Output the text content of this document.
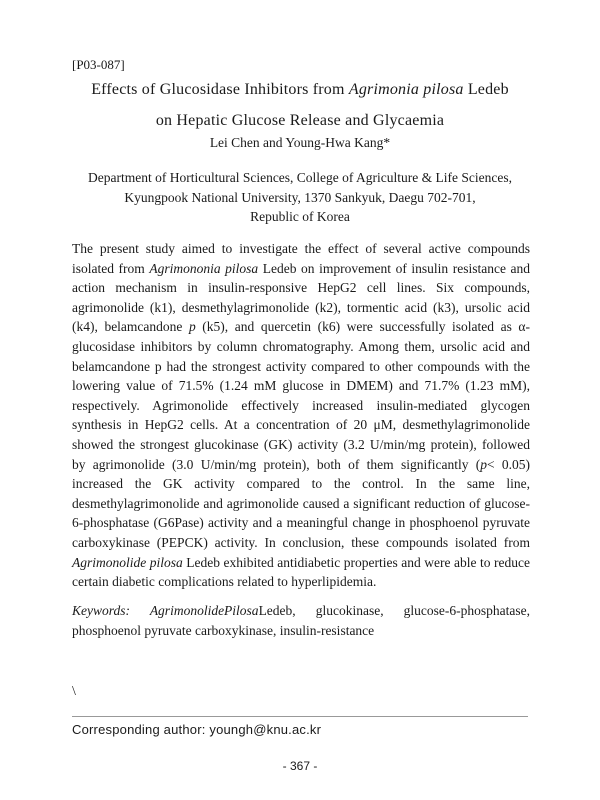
[P03-087]
Effects of Glucosidase Inhibitors from Agrimonia pilosa Ledeb
on Hepatic Glucose Release and Glycaemia
Lei Chen and Young-Hwa Kang*
Department of Horticultural Sciences, College of Agriculture & Life Sciences,
Kyungpook National University, 1370 Sankyuk, Daegu 702-701,
Republic of Korea
The present study aimed to investigate the effect of several active compounds isolated from Agrimononia pilosa Ledeb on improvement of insulin resistance and action mechanism in insulin-responsive HepG2 cell lines. Six compounds, agrimonolide (k1), desmethylagrimonolide (k2), tormentic acid (k3), ursolic acid (k4), belamcandone p (k5), and quercetin (k6) were successfully isolated as α-glucosidase inhibitors by column chromatography. Among them, ursolic acid and belamcandone p had the strongest activity compared to other compounds with the lowering value of 71.5% (1.24 mM glucose in DMEM) and 71.7% (1.23 mM), respectively. Agrimonolide effectively increased insulin-mediated glycogen synthesis in HepG2 cells. At a concentration of 20 μM, desmethylagrimonolide showed the strongest glucokinase (GK) activity (3.2 U/min/mg protein), followed by agrimonolide (3.0 U/min/mg protein), both of them significantly (p< 0.05) increased the GK activity compared to the control. In the same line, desmethylagrimonolide and agrimonolide caused a significant reduction of glucose-6-phosphatase (G6Pase) activity and a meaningful change in phosphoenol pyruvate carboxykinase (PEPCK) activity. In conclusion, these compounds isolated from Agrimonolide pilosa Ledeb exhibited antidiabetic properties and were able to reduce certain diabetic complications related to hyperlipidemia.
Keywords: AgrimonolidePilosaLedeb, glucokinase, glucose-6-phosphatase, phosphoenol pyruvate carboxykinase, insulin-resistance
\
Corresponding author: youngh@knu.ac.kr
- 367 -
